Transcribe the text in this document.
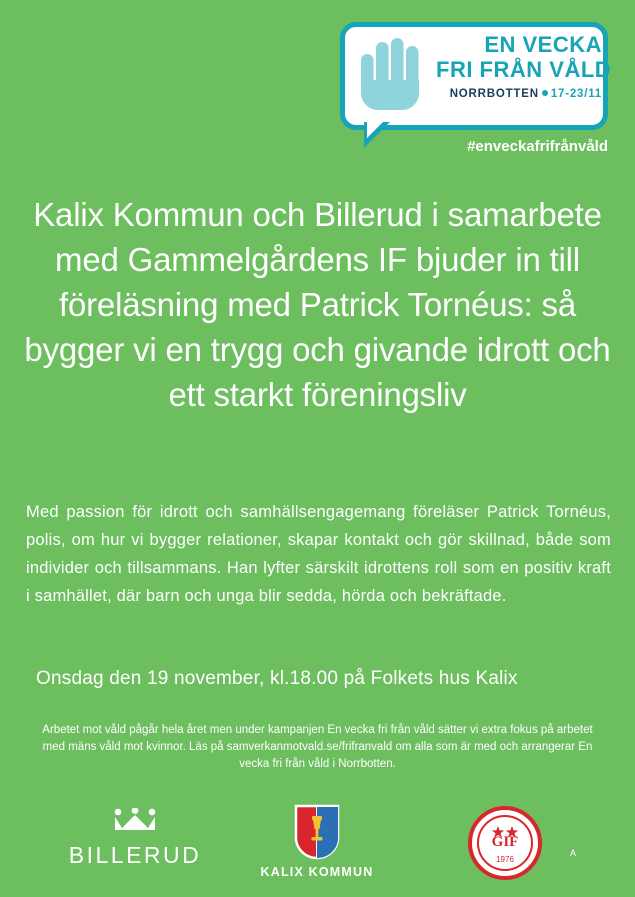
EN VECKA
FRI FRÅN VÅLD
NORRBOTTEN 17-23/11
#enveckafrifrånvåld
Kalix Kommun och Billerud i samarbete med Gammelgårdens IF bjuder in till föreläsning med Patrick Tornéus: så bygger vi en trygg och givande idrott och ett starkt föreningsliv
Med passion för idrott och samhällsengagemang föreläser Patrick Tornéus, polis, om hur vi bygger relationer, skapar kontakt och gör skillnad, både som individer och tillsammans. Han lyfter särskilt idrottens roll som en positiv kraft i samhället, där barn och unga blir sedda, hörda och bekräftade.
Onsdag den 19 november, kl.18.00 på Folkets hus Kalix
Arbetet mot våld pågår hela året men under kampanjen En vecka fri från våld sätter vi extra fokus på arbetet med mäns våld mot kvinnor. Läs på samverkanmotvald.se/frifranvald om alla som är med och arrangerar En vecka fri från våld i Norrbotten.
BILLERUD
KALIX KOMMUN
GIF
1976
A
